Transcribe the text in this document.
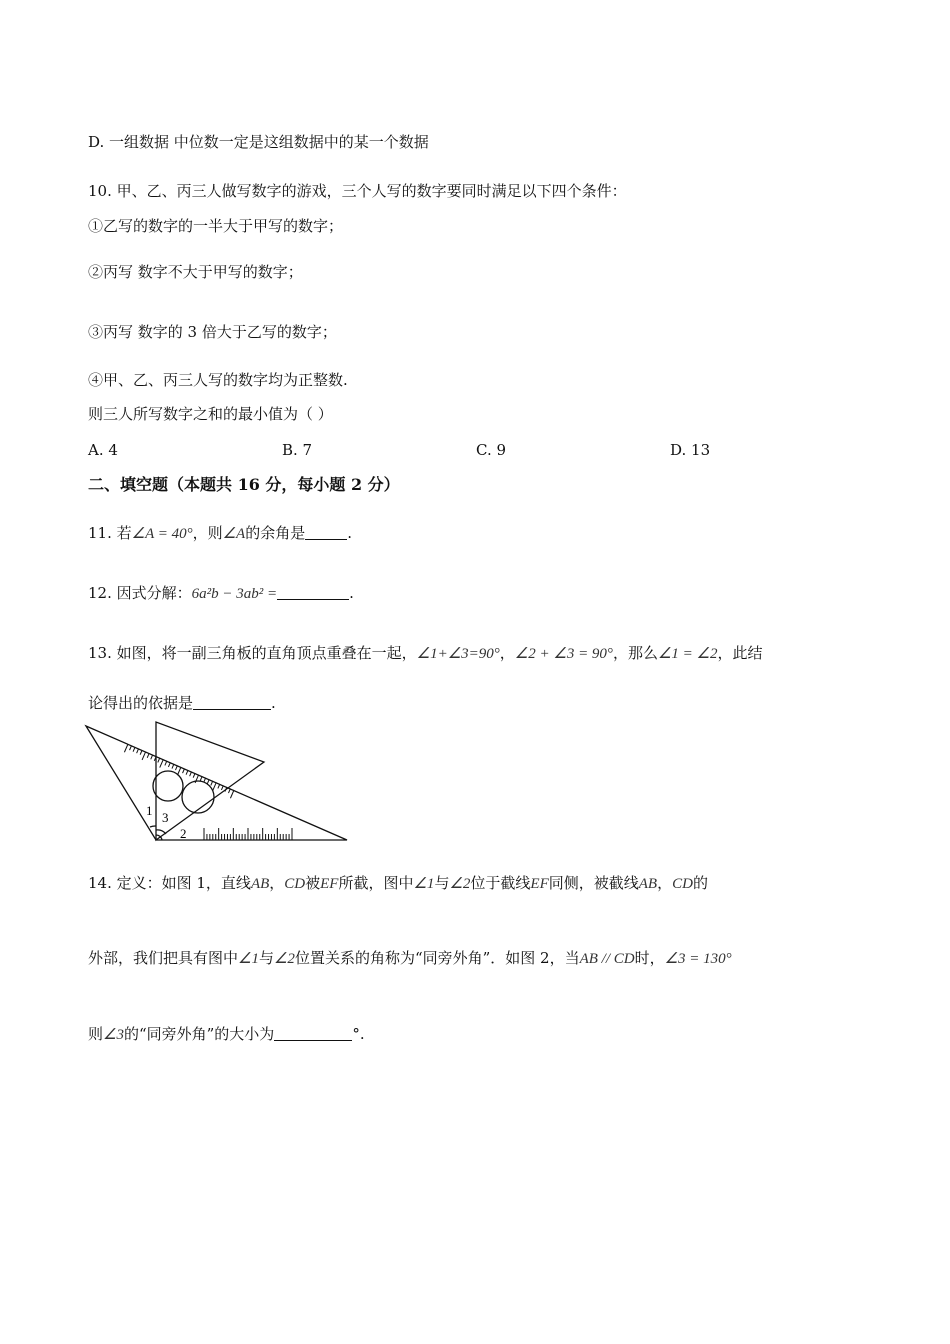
D. 一组数据 中位数一定是这组数据中的某一个数据
10. 甲、乙、丙三人做写数字的游戏，三个人写的数字要同时满足以下四个条件：
①乙写的数字的一半大于甲写的数字；
②丙写 数字不大于甲写的数字；
③丙写 数字的 3 倍大于乙写的数字；
④甲、乙、丙三人写的数字均为正整数.
则三人所写数字之和的最小值为（ ）
A. 4	B. 7	C. 9	D. 13
二、填空题（本题共 16 分，每小题 2 分）
11. 若∠A = 40°，则∠A的余角是	.
12. 因式分解：6a²b − 3ab² =	.
13. 如图，将一副三角板的直角顶点重叠在一起，∠1+∠3=90°，∠2 + ∠3 = 90°，那么∠1 = ∠2，此结
论得出的依据是	.
1 3
2
14. 定义：如图 1，直线AB，CD被EF所截，图中∠1与∠2位于截线EF同侧，被截线AB，CD的
外部，我们把具有图中∠1与∠2位置关系的角称为“同旁外角”．如图 2，当AB // CD时，∠3 = 130°
则∠3的“同旁外角”的大小为	°.
